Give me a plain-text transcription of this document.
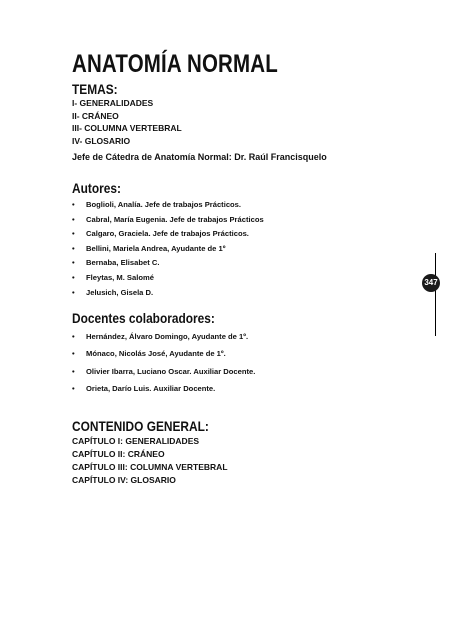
ANATOMÍA NORMAL
TEMAS:
I- GENERALIDADES
II- CRÁNEO
III- COLUMNA VERTEBRAL
IV- GLOSARIO
Jefe de Cátedra de Anatomía Normal: Dr. Raúl Francisquelo
Autores:
• Boglioli, Analía. Jefe de trabajos Prácticos.
• Cabral, María Eugenia. Jefe de trabajos Prácticos
• Calgaro, Graciela. Jefe de trabajos Prácticos.
• Bellini, Mariela Andrea, Ayudante de 1º
• Bernaba, Elisabet C.
• Fleytas, M. Salomé
• Jelusich, Gisela D.
Docentes colaboradores:
• Hernández, Álvaro Domingo, Ayudante de 1º.
• Mónaco, Nicolás José, Ayudante de 1º.
• Olivier Ibarra, Luciano Oscar. Auxiliar Docente.
• Orieta, Darío Luis. Auxiliar Docente.
CONTENIDO GENERAL:
CAPÍTULO I: GENERALIDADES
CAPÍTULO II: CRÁNEO
CAPÍTULO III: COLUMNA VERTEBRAL
CAPÍTULO IV: GLOSARIO
347
